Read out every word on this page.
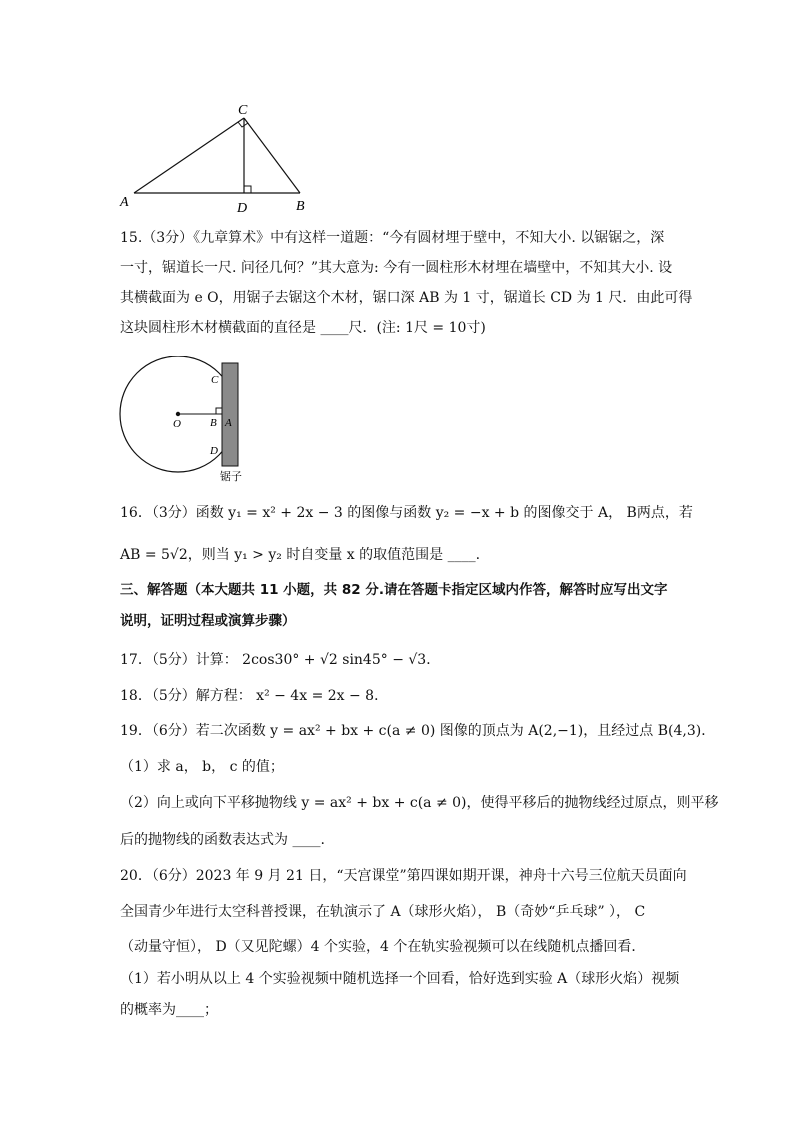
C
A	D	B
15.（3分）《九章算术》中有这样一道题：“今有圆材埋于壁中，不知大小. 以锯锯之，深
一寸，锯道长一尺. 问径几何？”其大意为: 今有一圆柱形木材埋在墙壁中，不知其大小. 设
其横截面为 e O，用锯子去锯这个木材，锯口深 AB 为 1 寸，锯道长 CD 为 1 尺．由此可得
这块圆柱形木材横截面的直径是 ____尺．(注: 1尺 = 10寸)
C
O	B A
D
锯子
16．（3分）函数 y₁ = x² + 2x − 3 的图像与函数 y₂ = −x + b 的图像交于 A， B两点，若
AB = 5√2，则当 y₁ > y₂ 时自变量 x 的取值范围是 ____.
三、解答题（本大题共 11 小题，共 82 分.请在答题卡指定区域内作答，解答时应写出文字
说明，证明过程或演算步骤）
17．（5分）计算： 2cos30° + √2 sin45° − √3．
18．（5分）解方程： x² − 4x = 2x − 8．
19．（6分）若二次函数 y = ax² + bx + c(a ≠ 0) 图像的顶点为 A(2,−1)，且经过点 B(4,3)．
（1）求 a， b， c 的值；
（2）向上或向下平移抛物线 y = ax² + bx + c(a ≠ 0)，使得平移后的抛物线经过原点，则平移
后的抛物线的函数表达式为 ____.
20．（6分）2023 年 9 月 21 日，“天宫课堂”第四课如期开课，神舟十六号三位航天员面向
全国青少年进行太空科普授课，在轨演示了 A（球形火焰）， B（奇妙“乒乓球” ）， C
（动量守恒）， D（又见陀螺）4 个实验，4 个在轨实验视频可以在线随机点播回看．
（1）若小明从以上 4 个实验视频中随机选择一个回看，恰好选到实验 A（球形火焰）视频
的概率为____；
